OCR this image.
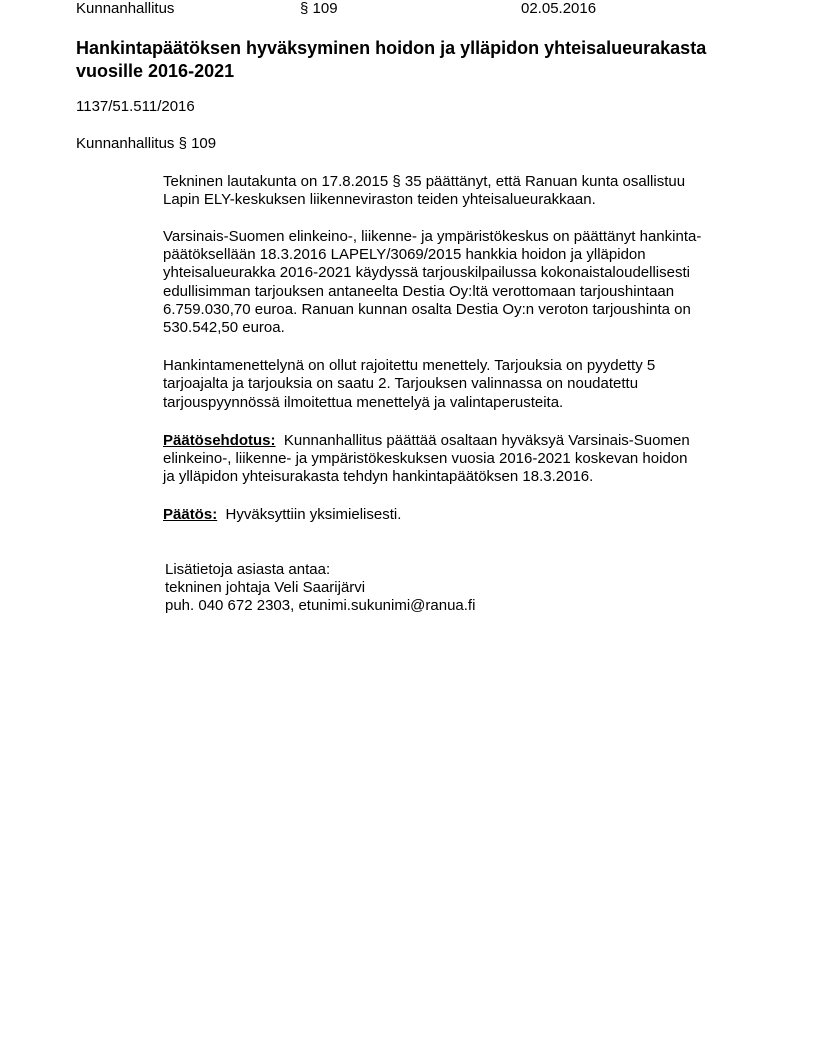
Kunnanhallitus	§ 109	02.05.2016
Hankintapäätöksen hyväksyminen hoidon ja ylläpidon yhteisalueurakasta
vuosille 2016-2021
1137/51.511/2016
Kunnanhallitus § 109
Tekninen lautakunta on 17.8.2015 § 35 päättänyt, että Ranuan kunta osallistuu
Lapin ELY-keskuksen liikenneviraston teiden yhteisalueurakkaan.
Varsinais-Suomen elinkeino-, liikenne- ja ympäristökeskus on päättänyt hankinta-
päätöksellään 18.3.2016 LAPELY/3069/2015 hankkia hoidon ja ylläpidon
yhteisalueurakka 2016-2021 käydyssä tarjouskilpailussa kokonaistaloudellisesti
edullisimman tarjouksen antaneelta Destia Oy:ltä verottomaan tarjoushintaan
6.759.030,70 euroa. Ranuan kunnan osalta Destia Oy:n veroton tarjoushinta on
530.542,50 euroa.
Hankintamenettelynä on ollut rajoitettu menettely. Tarjouksia on pyydetty 5
tarjoajalta ja tarjouksia on saatu 2. Tarjouksen valinnassa on noudatettu
tarjouspyynnössä ilmoitettua menettelyä ja valintaperusteita.
Päätösehdotus: Kunnanhallitus päättää osaltaan hyväksyä Varsinais-Suomen
elinkeino-, liikenne- ja ympäristökeskuksen vuosia 2016-2021 koskevan hoidon
ja ylläpidon yhteisurakasta tehdyn hankintapäätöksen 18.3.2016.
Päätös: Hyväksyttiin yksimielisesti.
Lisätietoja asiasta antaa:
tekninen johtaja Veli Saarijärvi
puh. 040 672 2303, etunimi.sukunimi@ranua.fi
